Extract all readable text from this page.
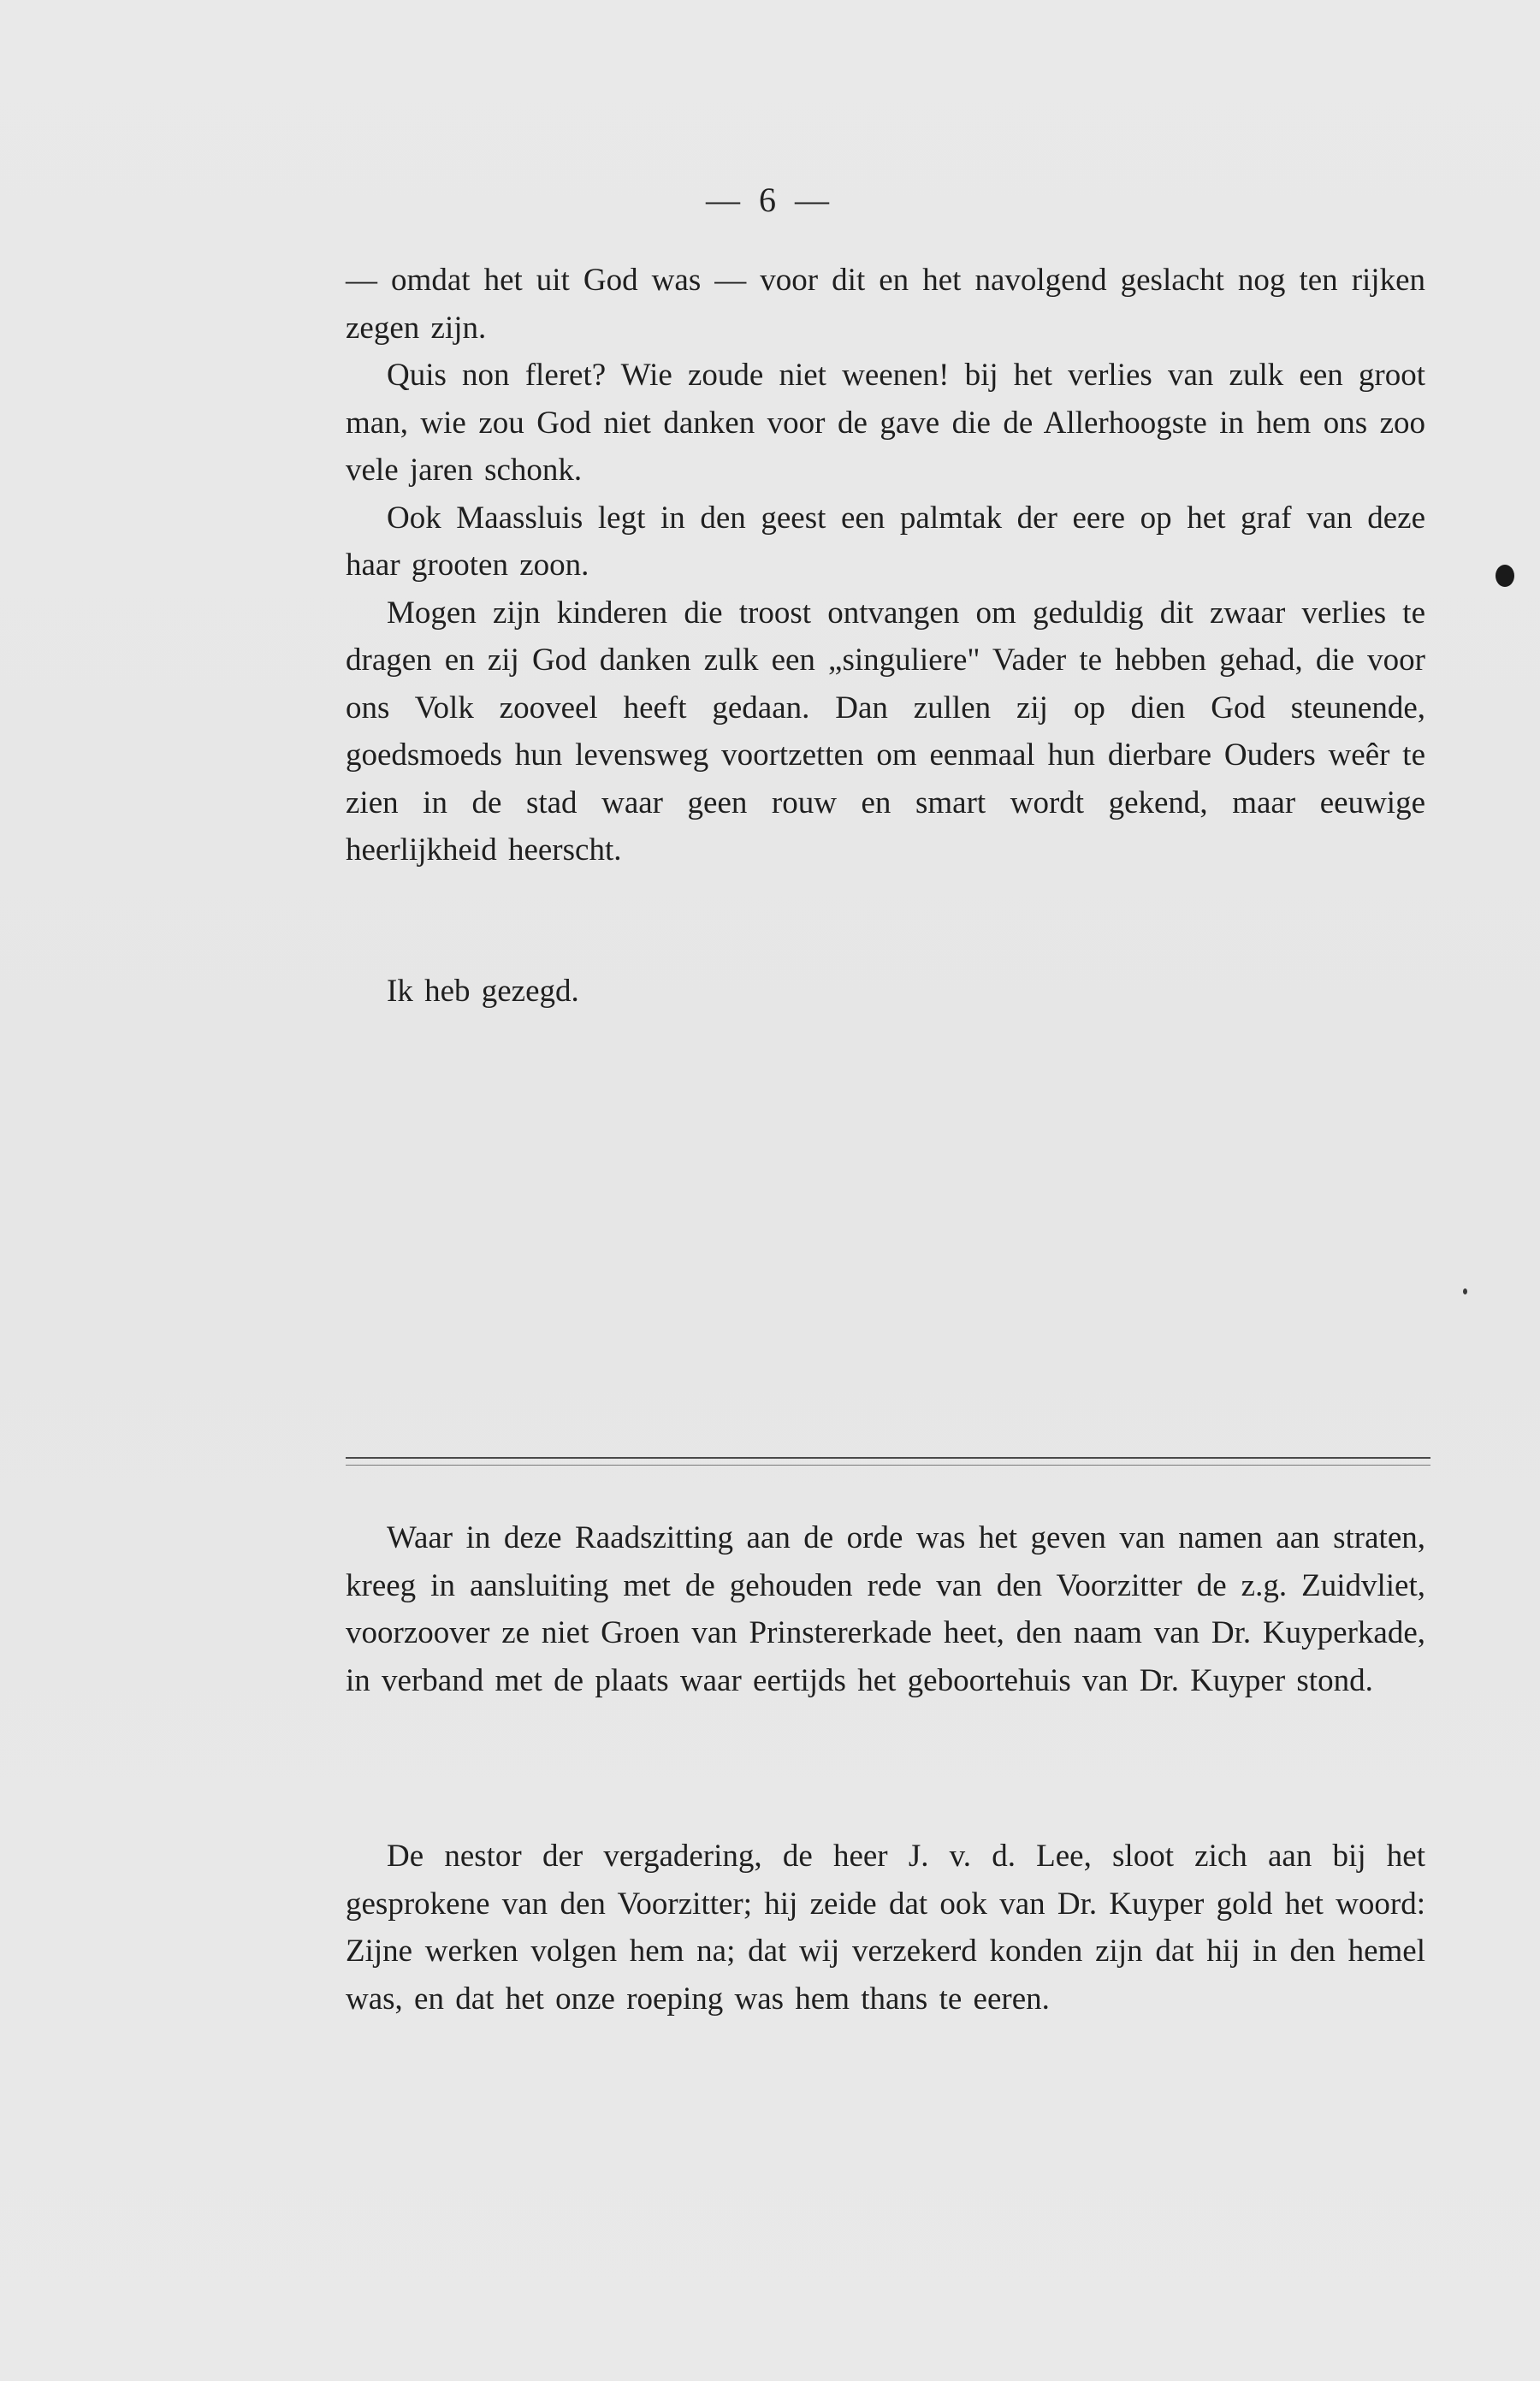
— 6 —

— omdat het uit God was — voor dit en het navolgend geslacht nog ten rijken zegen zijn.

Quis non fleret? Wie zoude niet weenen! bij het verlies van zulk een groot man, wie zou God niet danken voor de gave die de Allerhoogste in hem ons zoo vele jaren schonk.

Ook Maassluis legt in den geest een palmtak der eere op het graf van deze haar grooten zoon.

Mogen zijn kinderen die troost ontvangen om geduldig dit zwaar verlies te dragen en zij God danken zulk een „singuliere" Vader te hebben gehad, die voor ons Volk zooveel heeft gedaan. Dan zullen zij op dien God steunende, goedsmoeds hun levensweg voortzetten om eenmaal hun dierbare Ouders weêr te zien in de stad waar geen rouw en smart wordt gekend, maar eeuwige heerlijkheid heerscht.

Ik heb gezegd.

Waar in deze Raadszitting aan de orde was het geven van namen aan straten, kreeg in aansluiting met de gehouden rede van den Voorzitter de z.g. Zuidvliet, voorzoover ze niet Groen van Prinstererkade heet, den naam van Dr. Kuyperkade, in verband met de plaats waar eertijds het geboortehuis van Dr. Kuyper stond.

De nestor der vergadering, de heer J. v. d. Lee, sloot zich aan bij het gesprokene van den Voorzitter; hij zeide dat ook van Dr. Kuyper gold het woord: Zijne werken volgen hem na; dat wij verzekerd konden zijn dat hij in den hemel was, en dat het onze roeping was hem thans te eeren.
